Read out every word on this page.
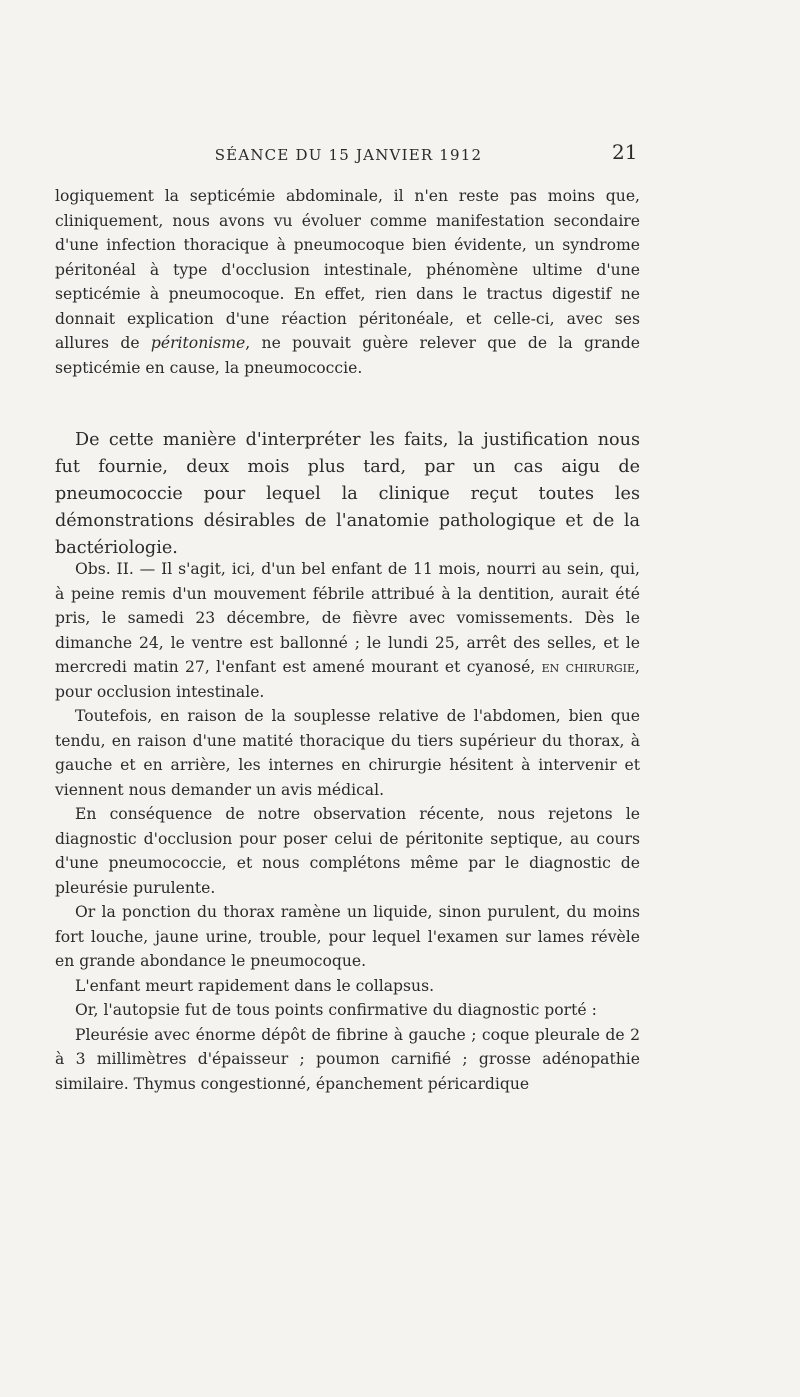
SÉANCE DU 15 JANVIER 1912	21

logiquement la septicémie abdominale, il n'en reste pas moins que, cliniquement, nous avons vu évoluer comme manifestation secondaire d'une infection thoracique à pneumocoque bien évidente, un syndrome péritonéal à type d'occlusion intestinale, phénomène ultime d'une septicémie à pneumocoque. En effet, rien dans le tractus digestif ne donnait explication d'une réaction péritonéale, et celle-ci, avec ses allures de péritonisme, ne pouvait guère relever que de la grande septicémie en cause, la pneumococcie.

De cette manière d'interpréter les faits, la justification nous fut fournie, deux mois plus tard, par un cas aigu de pneumococcie pour lequel la clinique reçut toutes les démonstrations désirables de l'anatomie pathologique et de la bactériologie.

Obs. II. — Il s'agit, ici, d'un bel enfant de 11 mois, nourri au sein, qui, à peine remis d'un mouvement fébrile attribué à la dentition, aurait été pris, le samedi 23 décembre, de fièvre avec vomissements. Dès le dimanche 24, le ventre est ballonné ; le lundi 25, arrêt des selles, et le mercredi matin 27, l'enfant est amené mourant et cyanosé, en chirurgie, pour occlusion intestinale.

Toutefois, en raison de la souplesse relative de l'abdomen, bien que tendu, en raison d'une matité thoracique du tiers supérieur du thorax, à gauche et en arrière, les internes en chirurgie hésitent à intervenir et viennent nous demander un avis médical.

En conséquence de notre observation récente, nous rejetons le diagnostic d'occlusion pour poser celui de péritonite septique, au cours d'une pneumococcie, et nous complétons même par le diagnostic de pleurésie purulente.

Or la ponction du thorax ramène un liquide, sinon purulent, du moins fort louche, jaune urine, trouble, pour lequel l'examen sur lames révèle en grande abondance le pneumocoque.

L'enfant meurt rapidement dans le collapsus.

Or, l'autopsie fut de tous points confirmative du diagnostic porté :

Pleurésie avec énorme dépôt de fibrine à gauche ; coque pleurale de 2 à 3 millimètres d'épaisseur ; poumon carnifié ; grosse adénopathie similaire. Thymus congestionné, épanchement péricardique
